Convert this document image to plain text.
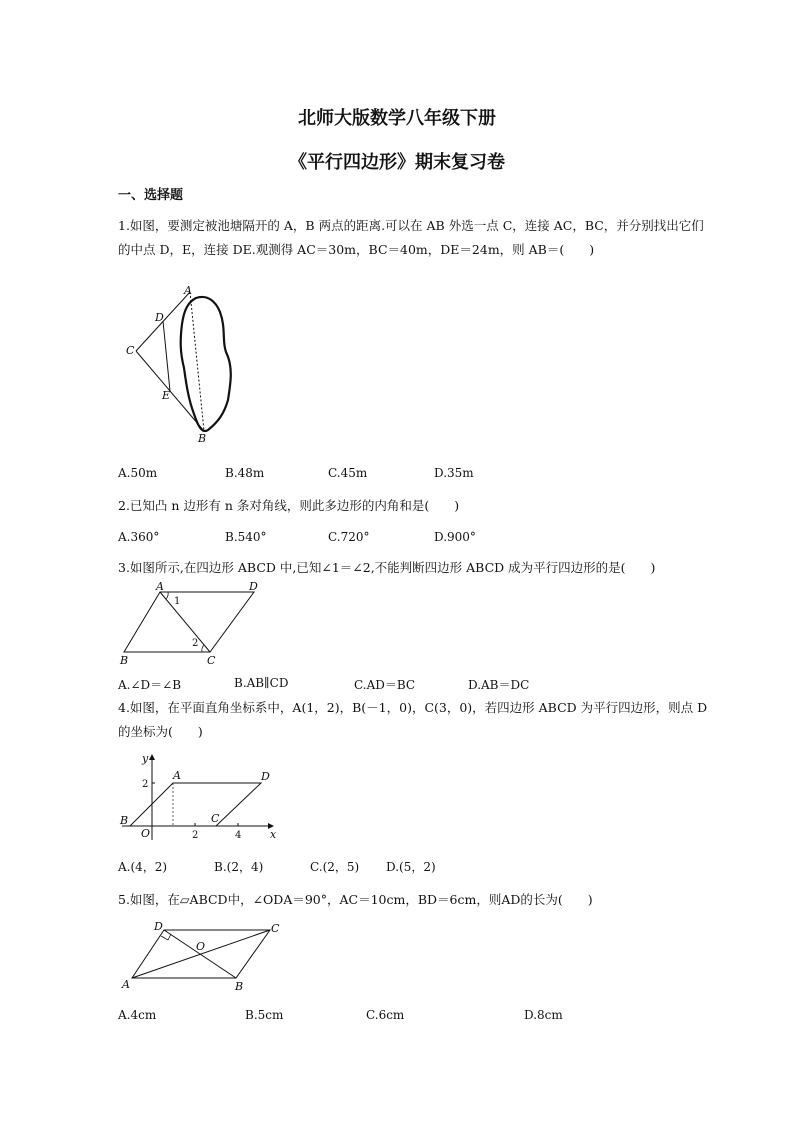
北师大版数学八年级下册
《平行四边形》期末复习卷
一、选择题
1.如图，要测定被池塘隔开的 A，B 两点的距离.可以在 AB 外选一点 C，连接 AC，BC，并分别找出它们的中点 D，E，连接 DE.观测得 AC＝30m，BC＝40m，DE＝24m，则 AB＝(　　)
A
D
C
E
B
A.50m	B.48m	C.45m	D.35m
2.已知凸 n 边形有 n 条对角线，则此多边形的内角和是(　　)
A.360°	B.540°	C.720°	D.900°
3.如图所示,在四边形 ABCD 中,已知∠1＝∠2,不能判断四边形 ABCD 成为平行四边形的是(　　)
A	D
B	C
1
2
A.∠D＝∠B	B.AB∥CD	C.AD＝BC	D.AB＝DC
4.如图，在平面直角坐标系中，A(1，2)，B(－1，0)，C(3，0)，若四边形 ABCD 为平行四边形，则点 D 的坐标为(　　)
y
2
A	D
B	C
O	2	4	x
A.(4，2)	B.(2，4)	C.(2，5) D.(5，2)
5.如图，在▱ABCD中，∠ODA＝90°，AC＝10cm，BD＝6cm，则AD的长为(　　)
D	C
O
A	B
A.4cm	B.5cm	C.6cm	D.8cm
